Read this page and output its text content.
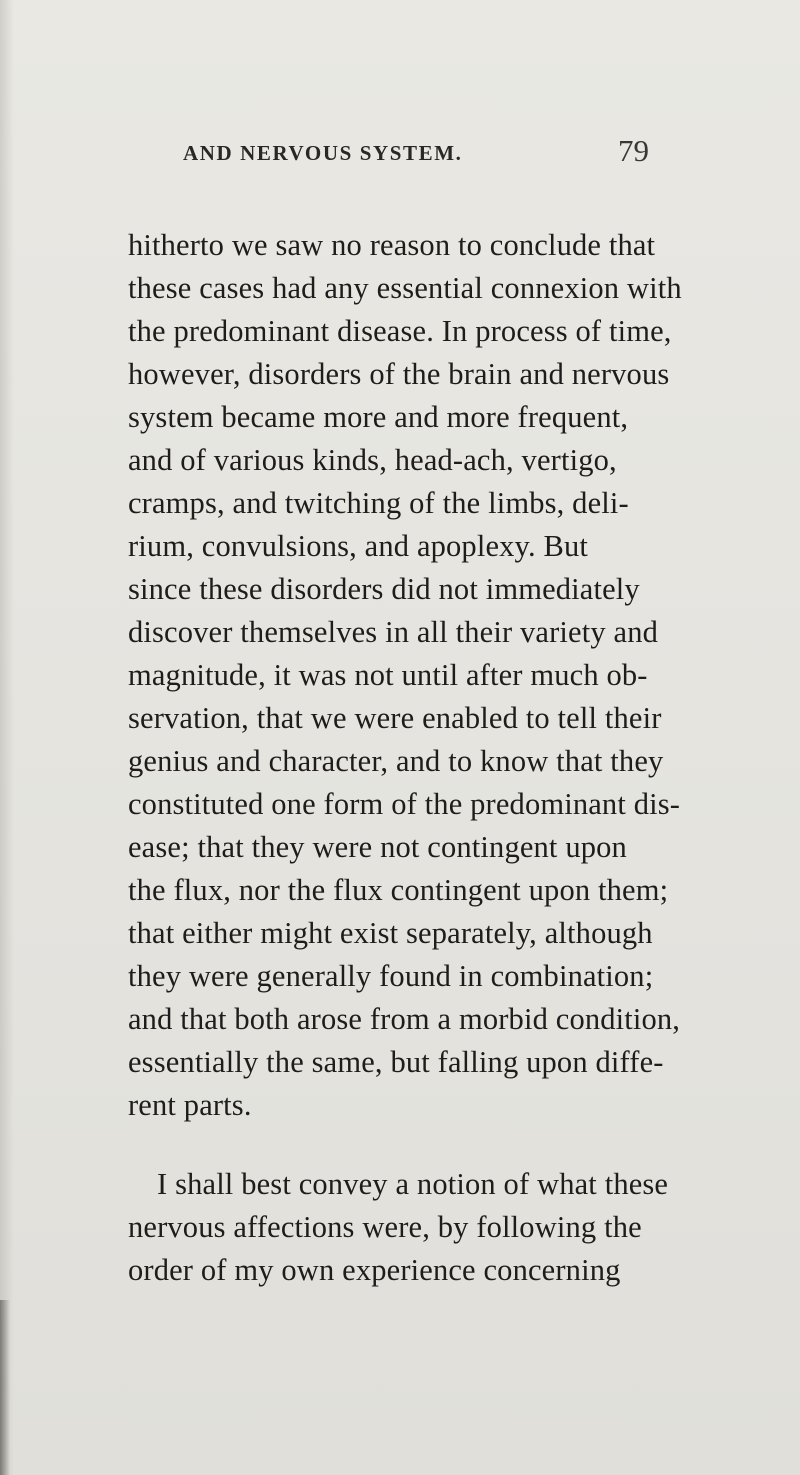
AND NERVOUS SYSTEM.	79
hitherto we saw no reason to conclude that
these cases had any essential connexion with
the predominant disease. In process of time,
however, disorders of the brain and nervous
system became more and more frequent,
and of various kinds, head-ach, vertigo,
cramps, and twitching of the limbs, deli-
rium, convulsions, and apoplexy. But
since these disorders did not immediately
discover themselves in all their variety and
magnitude, it was not until after much ob-
servation, that we were enabled to tell their
genius and character, and to know that they
constituted one form of the predominant dis-
ease; that they were not contingent upon
the flux, nor the flux contingent upon them;
that either might exist separately, although
they were generally found in combination;
and that both arose from a morbid condition,
essentially the same, but falling upon diffe-
rent parts.
I shall best convey a notion of what these
nervous affections were, by following the
order of my own experience concerning
